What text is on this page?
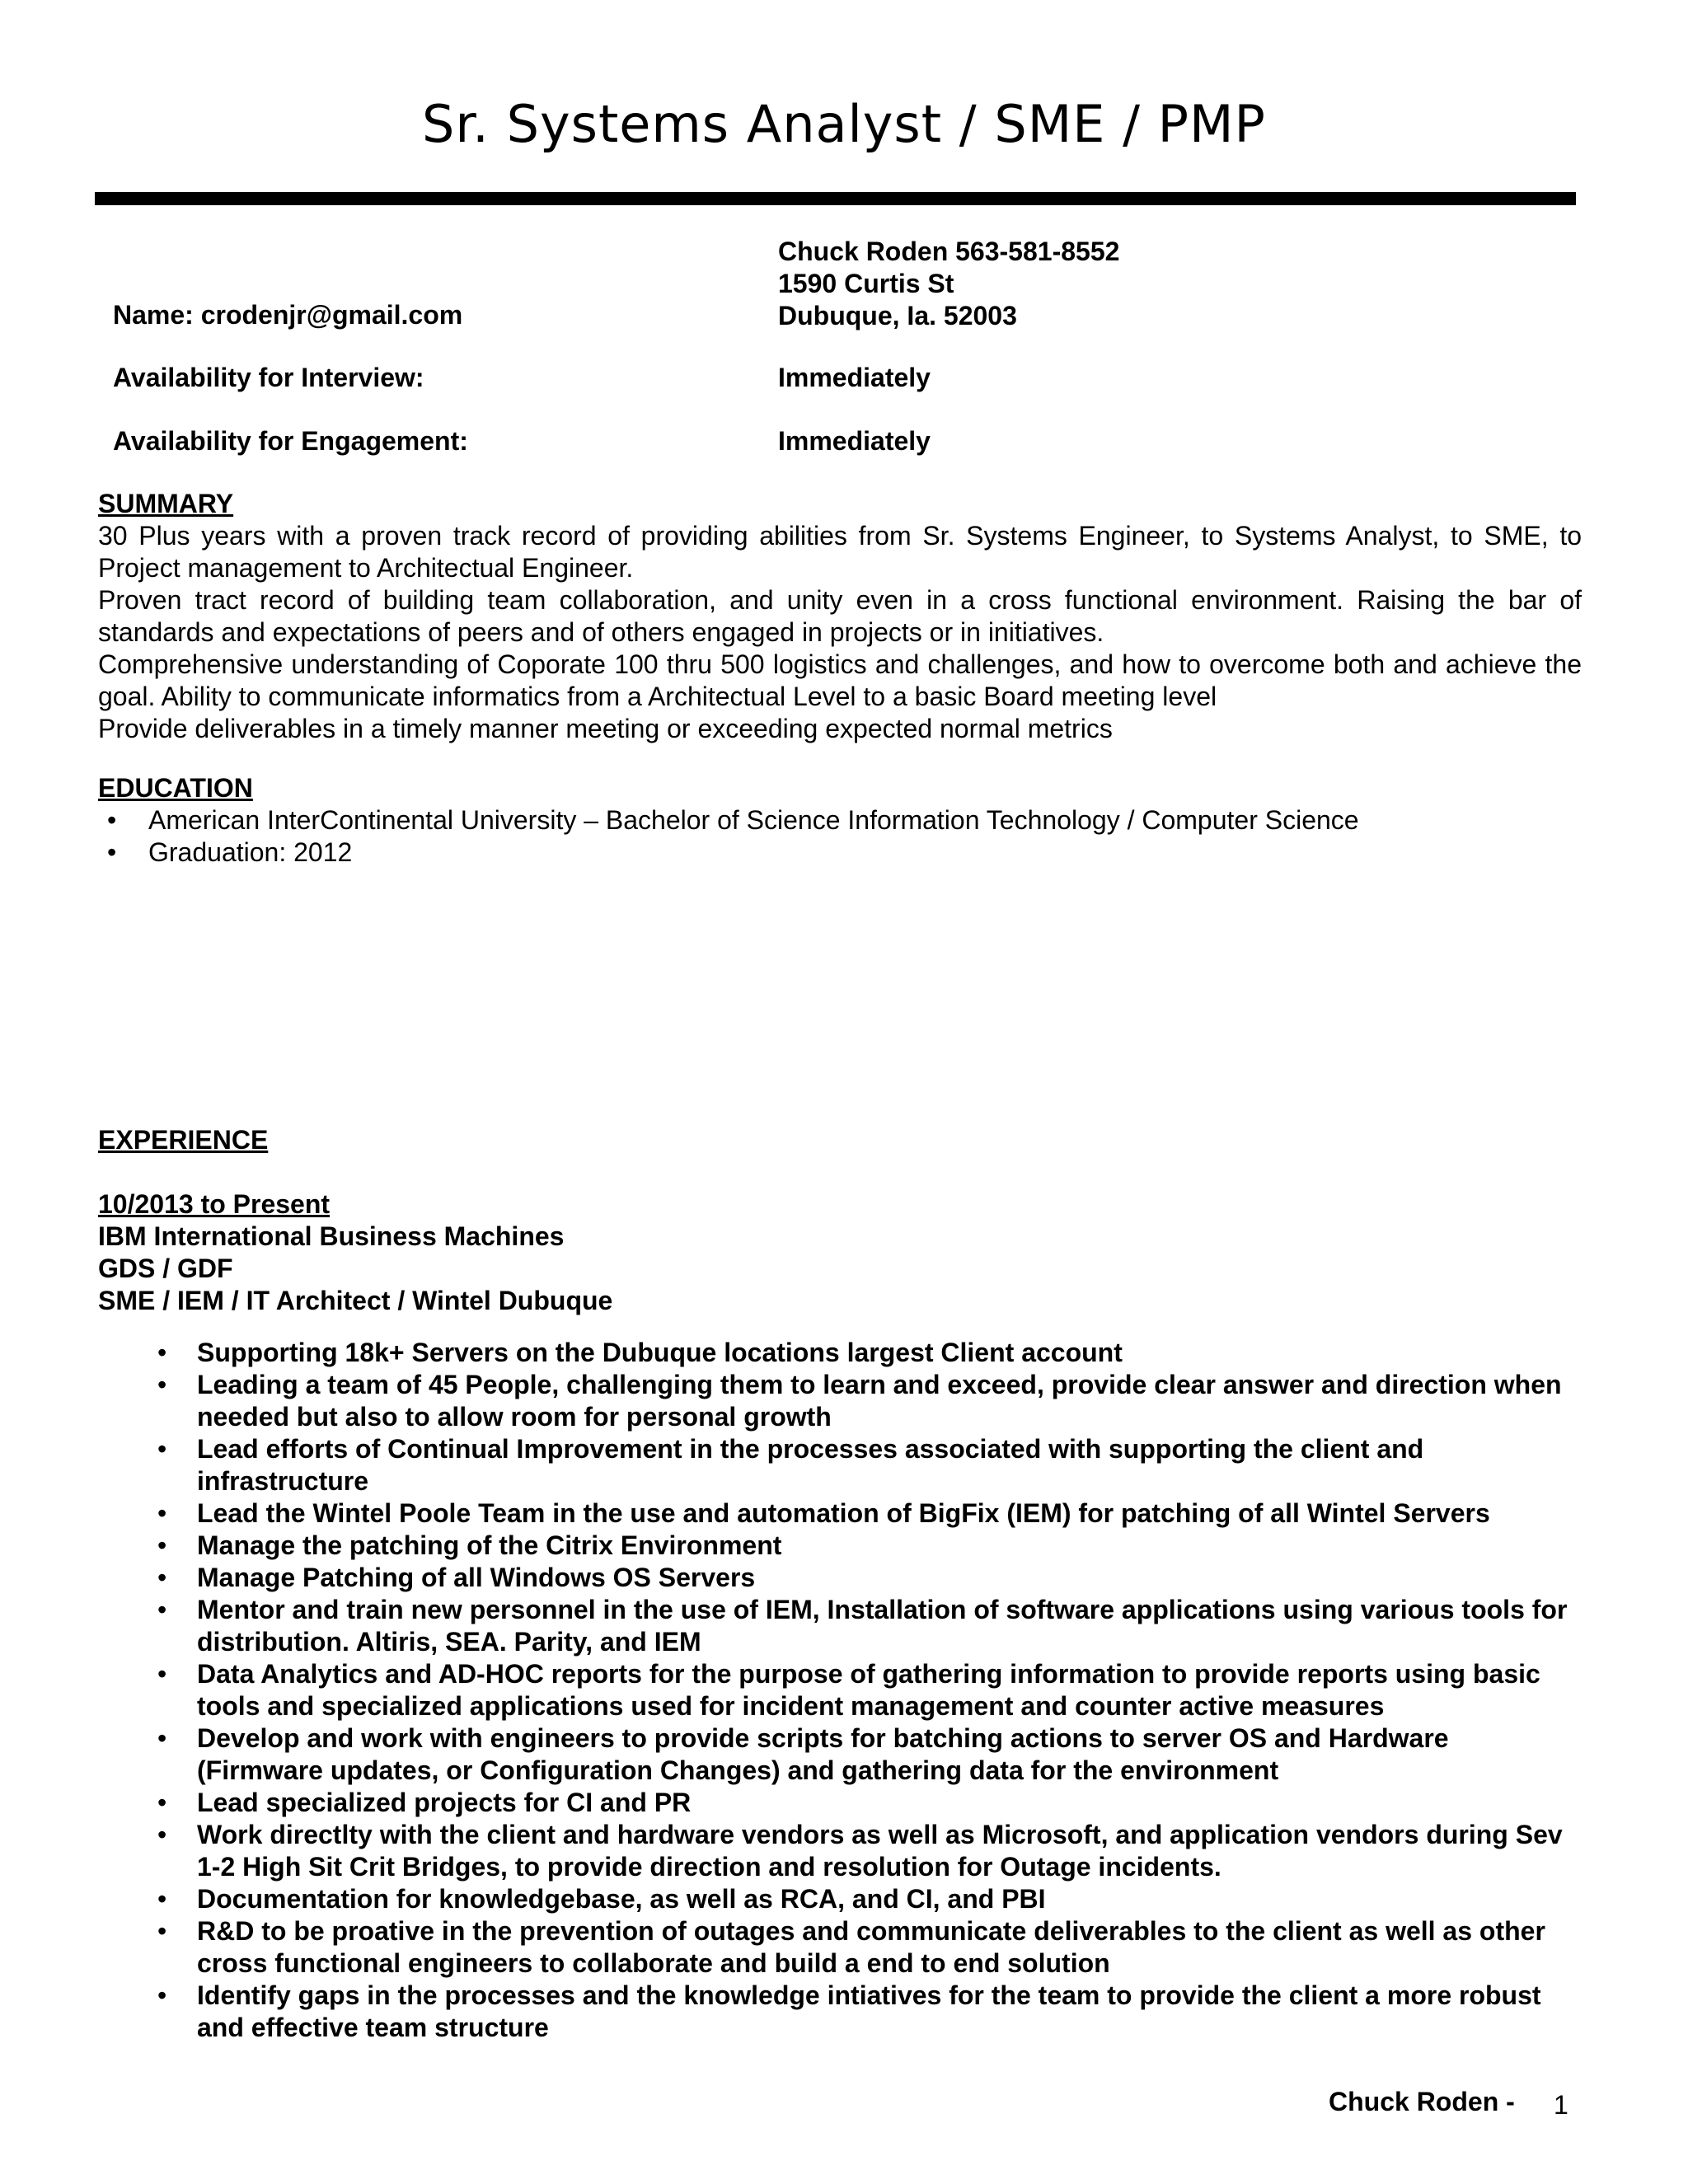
Sr. Systems Analyst / SME / PMP
Chuck Roden 563-581-8552
1590 Curtis St
Dubuque, Ia. 52003
Name: crodenjr@gmail.com
Availability for Interview:	Immediately
Availability for Engagement:	Immediately
SUMMARY

30 Plus years with a proven track record of providing abilities from Sr. Systems Engineer, to Systems Analyst, to SME, to Project management to Architectual Engineer.

Proven tract record of building team collaboration, and unity even in a cross functional environment. Raising the bar of standards and expectations of peers and of others engaged in projects or in initiatives.

Comprehensive understanding of Coporate 100 thru 500 logistics and challenges, and how to overcome both and achieve the goal. Ability to communicate informatics from a Architectual Level to a basic Board meeting level

Provide deliverables in a timely manner meeting or exceeding expected normal metrics

EDUCATION
• American InterContinental University – Bachelor of Science Information Technology / Computer Science
• Graduation: 2012
EXPERIENCE
10/2013 to Present
IBM International Business Machines
GDS / GDF
SME / IEM / IT Architect / Wintel Dubuque
• Supporting 18k+ Servers on the Dubuque locations largest Client account
• Leading a team of 45 People, challenging them to learn and exceed, provide clear answer and direction when needed but also to allow room for personal growth
• Lead efforts of Continual Improvement in the processes associated with supporting the client and infrastructure
• Lead the Wintel Poole Team in the use and automation of BigFix (IEM) for patching of all Wintel Servers
• Manage the patching of the Citrix Environment
• Manage Patching of all Windows OS Servers
• Mentor and train new personnel in the use of IEM, Installation of software applications using various tools for distribution. Altiris, SEA. Parity, and IEM
• Data Analytics and AD-HOC reports for the purpose of gathering information to provide reports using basic tools and specialized applications used for incident management and counter active measures
• Develop and work with engineers to provide scripts for batching actions to server OS and Hardware (Firmware updates, or Configuration Changes) and gathering data for the environment
• Lead specialized projects for CI and PR
• Work directlty with the client and hardware vendors as well as Microsoft, and application vendors during Sev 1-2 High Sit Crit Bridges, to provide direction and resolution for Outage incidents.
• Documentation for knowledgebase, as well as RCA, and CI, and PBI
• R&D to be proative in the prevention of outages and communicate deliverables to the client as well as other cross functional engineers to collaborate and build a end to end solution
• Identify gaps in the processes and the knowledge intiatives for the team to provide the client a more robust and effective team structure
Chuck Roden - 1
